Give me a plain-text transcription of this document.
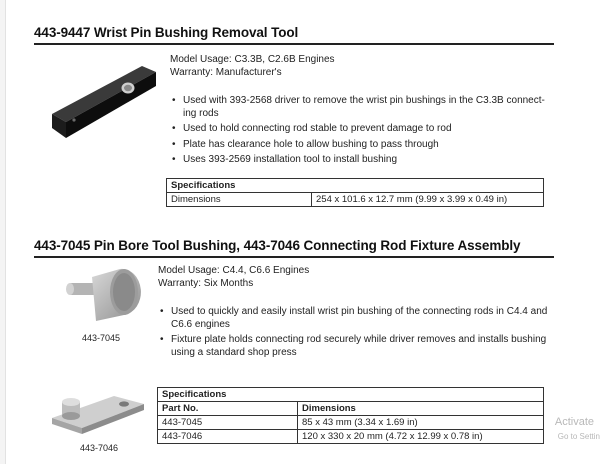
443-9447 Wrist Pin Bushing Removal Tool
Model Usage: C3.3B, C2.6B Engines
Warranty: Manufacturer's
• Used with 393-2568 driver to remove the wrist pin bushings in the C3.3B connect-
ing rods
• Used to hold connecting rod stable to prevent damage to rod
• Plate has clearance hole to allow bushing to pass through
• Uses 393-2569 installation tool to install bushing
Specifications
Dimensions	254 x 101.6 x 12.7 mm (9.99 x 3.99 x 0.49 in)
443-7045 Pin Bore Tool Bushing, 443-7046 Connecting Rod Fixture Assembly
443-7045
Model Usage: C4.4, C6.6 Engines
Warranty: Six Months
• Used to quickly and easily install wrist pin bushing of the connecting rods in C4.4 and
C6.6 engines
• Fixture plate holds connecting rod securely while driver removes and installs bushing
using a standard shop press
443-7046
Specifications	
Part No.	Dimensions
443-7045	85 x 43 mm (3.34 x 1.69 in)
443-7046	120 x 330 x 20 mm (4.72 x 12.99 x 0.78 in)
Activate
Go to Settin
